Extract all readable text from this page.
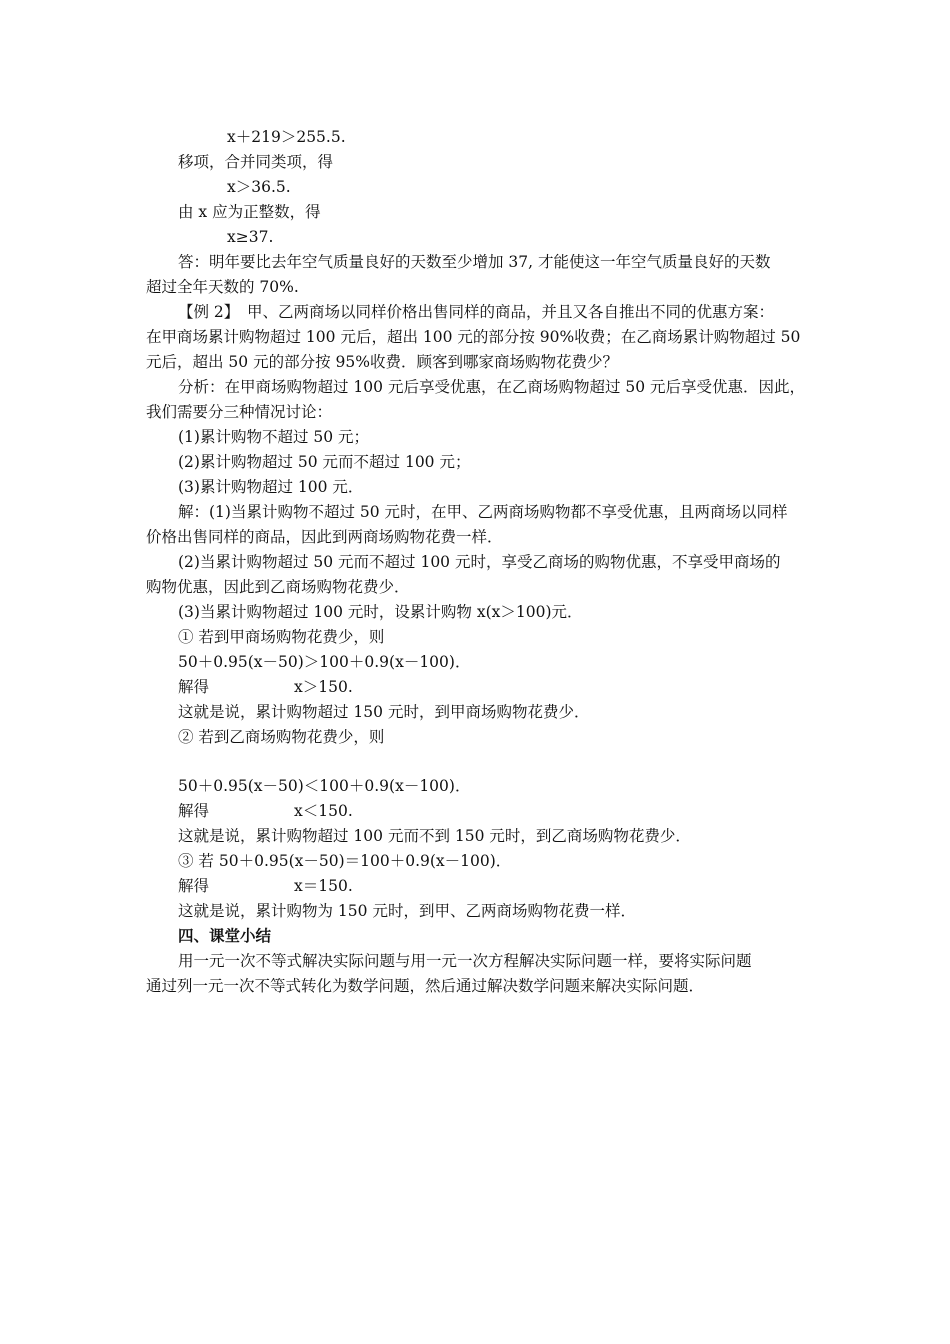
x＋219＞255.5.
移项，合并同类项，得
x＞36.5.
由 x 应为正整数，得
x≥37.
答：明年要比去年空气质量良好的天数至少增加 37, 才能使这一年空气质量良好的天数
超过全年天数的 70%.
【例 2】　甲、乙两商场以同样价格出售同样的商品，并且又各自推出不同的优惠方案：
在甲商场累计购物超过 100 元后，超出 100 元的部分按 90%收费；在乙商场累计购物超过 50
元后，超出 50 元的部分按 95%收费．顾客到哪家商场购物花费少？
分析：在甲商场购物超过 100 元后享受优惠，在乙商场购物超过 50 元后享受优惠．因此，
我们需要分三种情况讨论：
(1)累计购物不超过 50 元；
(2)累计购物超过 50 元而不超过 100 元；
(3)累计购物超过 100 元．
解：(1)当累计购物不超过 50 元时，在甲、乙两商场购物都不享受优惠，且两商场以同样
价格出售同样的商品，因此到两商场购物花费一样．
(2)当累计购物超过 50 元而不超过 100 元时，享受乙商场的购物优惠，不享受甲商场的
购物优惠，因此到乙商场购物花费少．
(3)当累计购物超过 100 元时，设累计购物 x(x＞100)元．
① 若到甲商场购物花费少，则
50＋0.95(x－50)＞100＋0.9(x－100)．
解得	x＞150.
这就是说，累计购物超过 150 元时，到甲商场购物花费少．
② 若到乙商场购物花费少，则
50＋0.95(x－50)＜100＋0.9(x－100)．
解得	x＜150.
这就是说，累计购物超过 100 元而不到 150 元时，到乙商场购物花费少．
③ 若 50＋0.95(x－50)＝100＋0.9(x－100)．
解得	x＝150.
这就是说，累计购物为 150 元时，到甲、乙两商场购物花费一样．
四、课堂小结
用一元一次不等式解决实际问题与用一元一次方程解决实际问题一样，要将实际问题
通过列一元一次不等式转化为数学问题，然后通过解决数学问题来解决实际问题．
